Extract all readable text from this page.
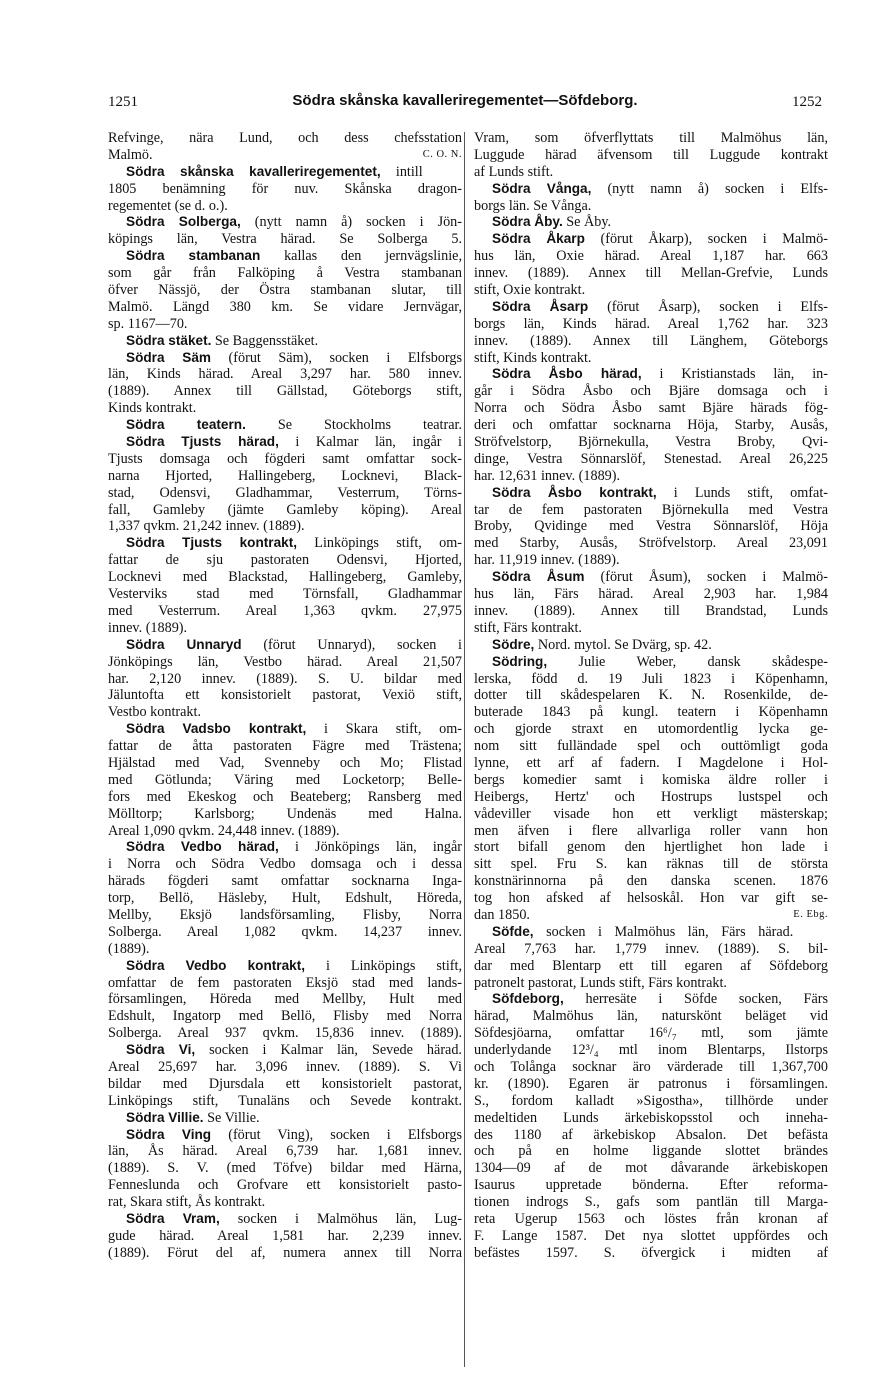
1251	Södra skånska kavalleriregementet—Söfdeborg.	1252
Refvinge, nära Lund, och dess chefsstation
Malmö.	C. O. N.
Södra skånska kavalleriregementet, intill
1805 benämning för nuv. Skånska dragon-
regementet (se d. o.).
Södra Solberga, (nytt namn å) socken i Jön-
köpings län, Vestra härad. Se Solberga 5.
Södra stambanan kallas den jernvägslinie,
som går från Falköping å Vestra stambanan
öfver Nässjö, der Östra stambanan slutar, till
Malmö. Längd 380 km. Se vidare Jernvägar,
sp. 1167—70.
Södra stäket. Se Baggensstäket.
Södra Säm (förut Säm), socken i Elfsborgs
län, Kinds härad. Areal 3,297 har. 580 innev.
(1889). Annex till Gällstad, Göteborgs stift,
Kinds kontrakt.
Södra teatern. Se Stockholms teatrar.
Södra Tjusts härad, i Kalmar län, ingår i
Tjusts domsaga och fögderi samt omfattar sock-
narna Hjorted, Hallingeberg, Locknevi, Black-
stad, Odensvi, Gladhammar, Vesterrum, Törns-
fall, Gamleby (jämte Gamleby köping). Areal
1,337 qvkm. 21,242 innev. (1889).
Södra Tjusts kontrakt, Linköpings stift, om-
fattar de sju pastoraten Odensvi, Hjorted,
Locknevi med Blackstad, Hallingeberg, Gamleby,
Vesterviks stad med Törnsfall, Gladhammar
med Vesterrum. Areal 1,363 qvkm. 27,975
innev. (1889).
Södra Unnaryd (förut Unnaryd), socken i
Jönköpings län, Vestbo härad. Areal 21,507
har. 2,120 innev. (1889). S. U. bildar med
Jäluntofta ett konsistorielt pastorat, Vexiö stift,
Vestbo kontrakt.
Södra Vadsbo kontrakt, i Skara stift, om-
fattar de åtta pastoraten Fägre med Trästena;
Hjälstad med Vad, Svenneby och Mo; Flistad
med Götlunda; Väring med Locketorp; Belle-
fors med Ekeskog och Beateberg; Ransberg med
Mölltorp; Karlsborg; Undenäs med Halna.
Areal 1,090 qvkm. 24,448 innev. (1889).
Södra Vedbo härad, i Jönköpings län, ingår
i Norra och Södra Vedbo domsaga och i dessa
härads fögderi samt omfattar socknarna Inga-
torp, Bellö, Häsleby, Hult, Edshult, Höreda,
Mellby, Eksjö landsförsamling, Flisby, Norra
Solberga. Areal 1,082 qvkm. 14,237 innev.
(1889).
Södra Vedbo kontrakt, i Linköpings stift,
omfattar de fem pastoraten Eksjö stad med lands-
församlingen, Höreda med Mellby, Hult med
Edshult, Ingatorp med Bellö, Flisby med Norra
Solberga. Areal 937 qvkm. 15,836 innev. (1889).
Södra Vi, socken i Kalmar län, Sevede härad.
Areal 25,697 har. 3,096 innev. (1889). S. Vi
bildar med Djursdala ett konsistorielt pastorat,
Linköpings stift, Tunaläns och Sevede kontrakt.
Södra Villie. Se Villie.
Södra Ving (förut Ving), socken i Elfsborgs
län, Ås härad. Areal 6,739 har. 1,681 innev.
(1889). S. V. (med Töfve) bildar med Härna,
Fenneslunda och Grofvare ett konsistorielt pasto-
rat, Skara stift, Ås kontrakt.
Södra Vram, socken i Malmöhus län, Lug-
gude härad. Areal 1,581 har. 2,239 innev.
(1889). Förut del af, numera annex till Norra
Vram, som öfverflyttats till Malmöhus län,
Luggude härad äfvensom till Luggude kontrakt
af Lunds stift.
Södra Vånga, (nytt namn å) socken i Elfs-
borgs län. Se Vånga.
Södra Åby. Se Åby.
Södra Åkarp (förut Åkarp), socken i Malmö-
hus län, Oxie härad. Areal 1,187 har. 663
innev. (1889). Annex till Mellan-Grefvie, Lunds
stift, Oxie kontrakt.
Södra Åsarp (förut Åsarp), socken i Elfs-
borgs län, Kinds härad. Areal 1,762 har. 323
innev. (1889). Annex till Länghem, Göteborgs
stift, Kinds kontrakt.
Södra Åsbo härad, i Kristianstads län, in-
går i Södra Åsbo och Bjäre domsaga och i
Norra och Södra Åsbo samt Bjäre härads fög-
deri och omfattar socknarna Höja, Starby, Ausås,
Ströfvelstorp, Björnekulla, Vestra Broby, Qvi-
dinge, Vestra Sönnarslöf, Stenestad. Areal 26,225
har. 12,631 innev. (1889).
Södra Åsbo kontrakt, i Lunds stift, omfat-
tar de fem pastoraten Björnekulla med Vestra
Broby, Qvidinge med Vestra Sönnarslöf, Höja
med Starby, Ausås, Ströfvelstorp. Areal 23,091
har. 11,919 innev. (1889).
Södra Åsum (förut Åsum), socken i Malmö-
hus län, Färs härad. Areal 2,903 har. 1,984
innev. (1889). Annex till Brandstad, Lunds
stift, Färs kontrakt.
Södre, Nord. mytol. Se Dvärg, sp. 42.
Södring, Julie Weber, dansk skådespe-
lerska, född d. 19 Juli 1823 i Köpenhamn,
dotter till skådespelaren K. N. Rosenkilde, de-
buterade 1843 på kungl. teatern i Köpenhamn
och gjorde straxt en utomordentlig lycka ge-
nom sitt fulländade spel och outtömligt goda
lynne, ett arf af fadern. I Magdelone i Hol-
bergs komedier samt i komiska äldre roller i
Heibergs, Hertz' och Hostrups lustspel och
vådeviller visade hon ett verkligt mästerskap;
men äfven i flere allvarliga roller vann hon
stort bifall genom den hjertlighet hon lade i
sitt spel. Fru S. kan räknas till de största
konstnärinnorna på den danska scenen. 1876
tog hon afsked af helsoskål. Hon var gift se-
dan 1850.	E. Ebg.
Söfde, socken i Malmöhus län, Färs härad.
Areal 7,763 har. 1,779 innev. (1889). S. bil-
dar med Blentarp ett till egaren af Söfdeborg
patronelt pastorat, Lunds stift, Färs kontrakt.
Söfdeborg, herresäte i Söfde socken, Färs
härad, Malmöhus län, naturskönt beläget vid
Söfdesjöarna, omfattar 16⁶/₇ mtl, som jämte
underlydande 12³/₄ mtl inom Blentarps, Ilstorps
och Tolånga socknar äro värderade till 1,367,700
kr. (1890). Egaren är patronus i församlingen.
S., fordom kalladt »Sigostha», tillhörde under
medeltiden Lunds ärkebiskopsstol och inneha-
des 1180 af ärkebiskop Absalon. Det befästa
och på en holme liggande slottet brändes
1304—09 af de mot dåvarande ärkebiskopen
Isaurus uppretade bönderna. Efter reforma-
tionen indrogs S., gafs som pantlän till Marga-
reta Ugerup 1563 och löstes från kronan af
F. Lange 1587. Det nya slottet uppfördes och
befästes 1597. S. öfvergick i midten af
